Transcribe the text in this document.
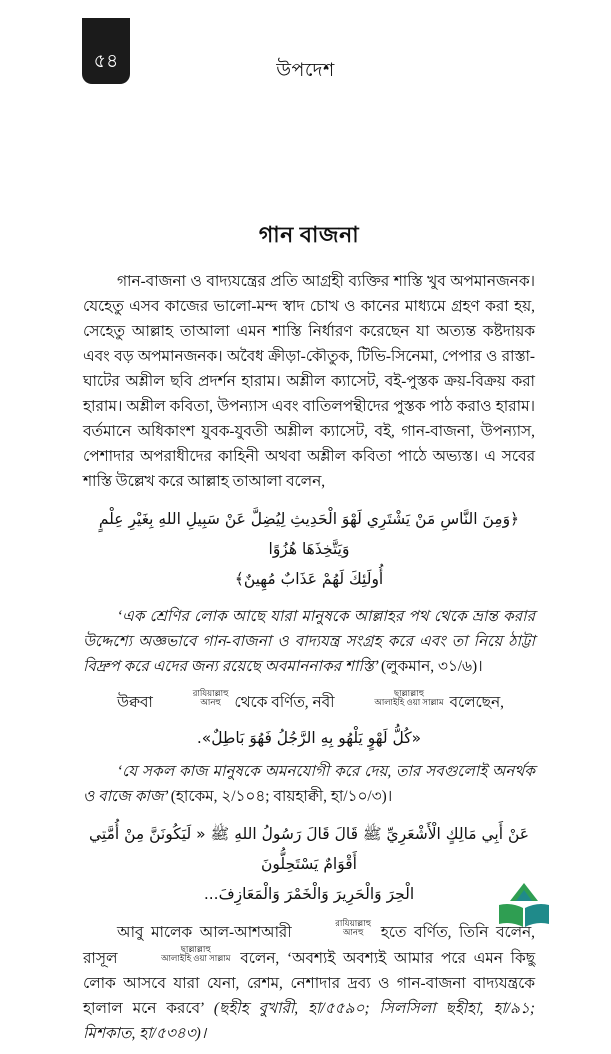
৫৪	উপদেশ
গান বাজনা

গান-বাজনা ও বাদ্যযন্ত্রের প্রতি আগ্রহী ব্যক্তির শাস্তি খুব অপমানজনক। যেহেতু এসব কাজের ভালো-মন্দ স্বাদ চোখ ও কানের মাধ্যমে গ্রহণ করা হয়, সেহেতু আল্লাহ তাআলা এমন শাস্তি নির্ধারণ করেছেন যা অত্যন্ত কষ্টদায়ক এবং বড় অপমানজনক। অবৈধ ক্রীড়া-কৌতুক, টিভি-সিনেমা, পেপার ও রাস্তা-ঘাটের অশ্লীল ছবি প্রদর্শন হারাম। অশ্লীল ক্যাসেট, বই-পুস্তক ক্রয়-বিক্রয় করা হারাম। অশ্লীল কবিতা, উপন্যাস এবং বাতিলপন্থীদের পুস্তক পাঠ করাও হারাম। বর্তমানে অধিকাংশ যুবক-যুবতী অশ্লীল ক্যাসেট, বই, গান-বাজনা, উপন্যাস, পেশাদার অপরাধীদের কাহিনী অথবা অশ্লীল কবিতা পাঠে অভ্যস্ত। এ সবের শাস্তি উল্লেখ করে আল্লাহ তাআলা বলেন,

﴿وَمِنَ النَّاسِ مَنْ يَشْتَرِي لَهْوَ الْحَدِيثِ لِيُضِلَّ عَنْ سَبِيلِ اللهِ بِغَيْرِ عِلْمٍ وَيَتَّخِذَهَا هُزُوًا
أُولَئِكَ لَهُمْ عَذَابٌ مُهِينٌ﴾

‘এক শ্রেণির লোক আছে যারা মানুষকে আল্লাহর পথ থেকে ভ্রান্ত করার উদ্দেশ্যে অজ্ঞভাবে গান-বাজনা ও বাদ্যযন্ত্র সংগ্রহ করে এবং তা নিয়ে ঠাট্টা বিদ্রুপ করে এদের জন্য রয়েছে অবমাননাকর শাস্তি’ (লুকমান, ৩১/৬)।

উক্ববা
রাযিয়াল্লাহু
আনহু থেকে বর্ণিত, নবী
ছাল্লাল্লাহু
আলাইহি ওয়া সাল্লাম বলেছেন,

«كُلُّ لَهْوٍ يَلْهُو بِهِ الرَّجُلُ فَهُوَ بَاطِلٌ».

‘যে সকল কাজ মানুষকে অমনযোগী করে দেয়, তার সবগুলোই অনর্থক ও বাজে কাজ’ (হাকেম, ২/১০৪; বায়হাক্বী, হা/১০/৩)।

عَنْ أَبِي مَالِكٍ الْأَشْعَرِيِّ ﷺ قَالَ قَالَ رَسُولُ اللهِ ﷺ « لَيَكُونَنَّ مِنْ أُمَّتِي أَقْوَامٌ يَسْتَحِلُّونَ
الْحِرَ وَالْحَرِيرَ وَالْخَمْرَ وَالْمَعَازِفَ...

আবু মালেক আল-আশআরী
রাযিয়াল্লাহু
আনহু	হতে বর্ণিত, তিনি বলেন, রাসূল
ছাল্লাল্লাহু
আলাইহি ওয়া সাল্লাম বলেন, ‘অবশ্যই অবশ্যই আমার পরে এমন কিছু লোক আসবে যারা যেনা, রেশম, নেশাদার দ্রব্য ও গান-বাজনা বাদ্যযন্ত্রকে হালাল মনে করবে’ (ছহীহ বুখারী, হা/৫৫৯০; সিলসিলা ছহীহা, হা/৯১; মিশকাত, হা/৫৩৪৩)।
